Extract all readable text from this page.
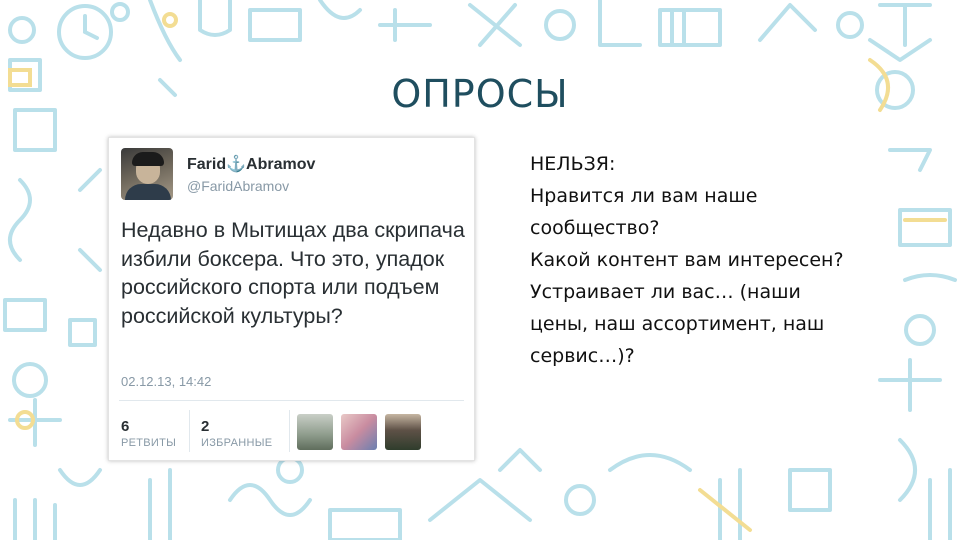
ОПРОСЫ
Farid⚓Abramov
@FaridAbramov
Недавно в Мытищах два скрипача избили боксера. Что это, упадок российского спорта или подъем российской культуры?
02.12.13, 14:42
6
РЕТВИТЫ
2
ИЗБРАННЫЕ
НЕЛЬЗЯ:
Нравится ли вам наше
сообщество?
Какой контент вам интересен?
Устраивает ли вас… (наши
цены, наш ассортимент, наш
сервис…)?
